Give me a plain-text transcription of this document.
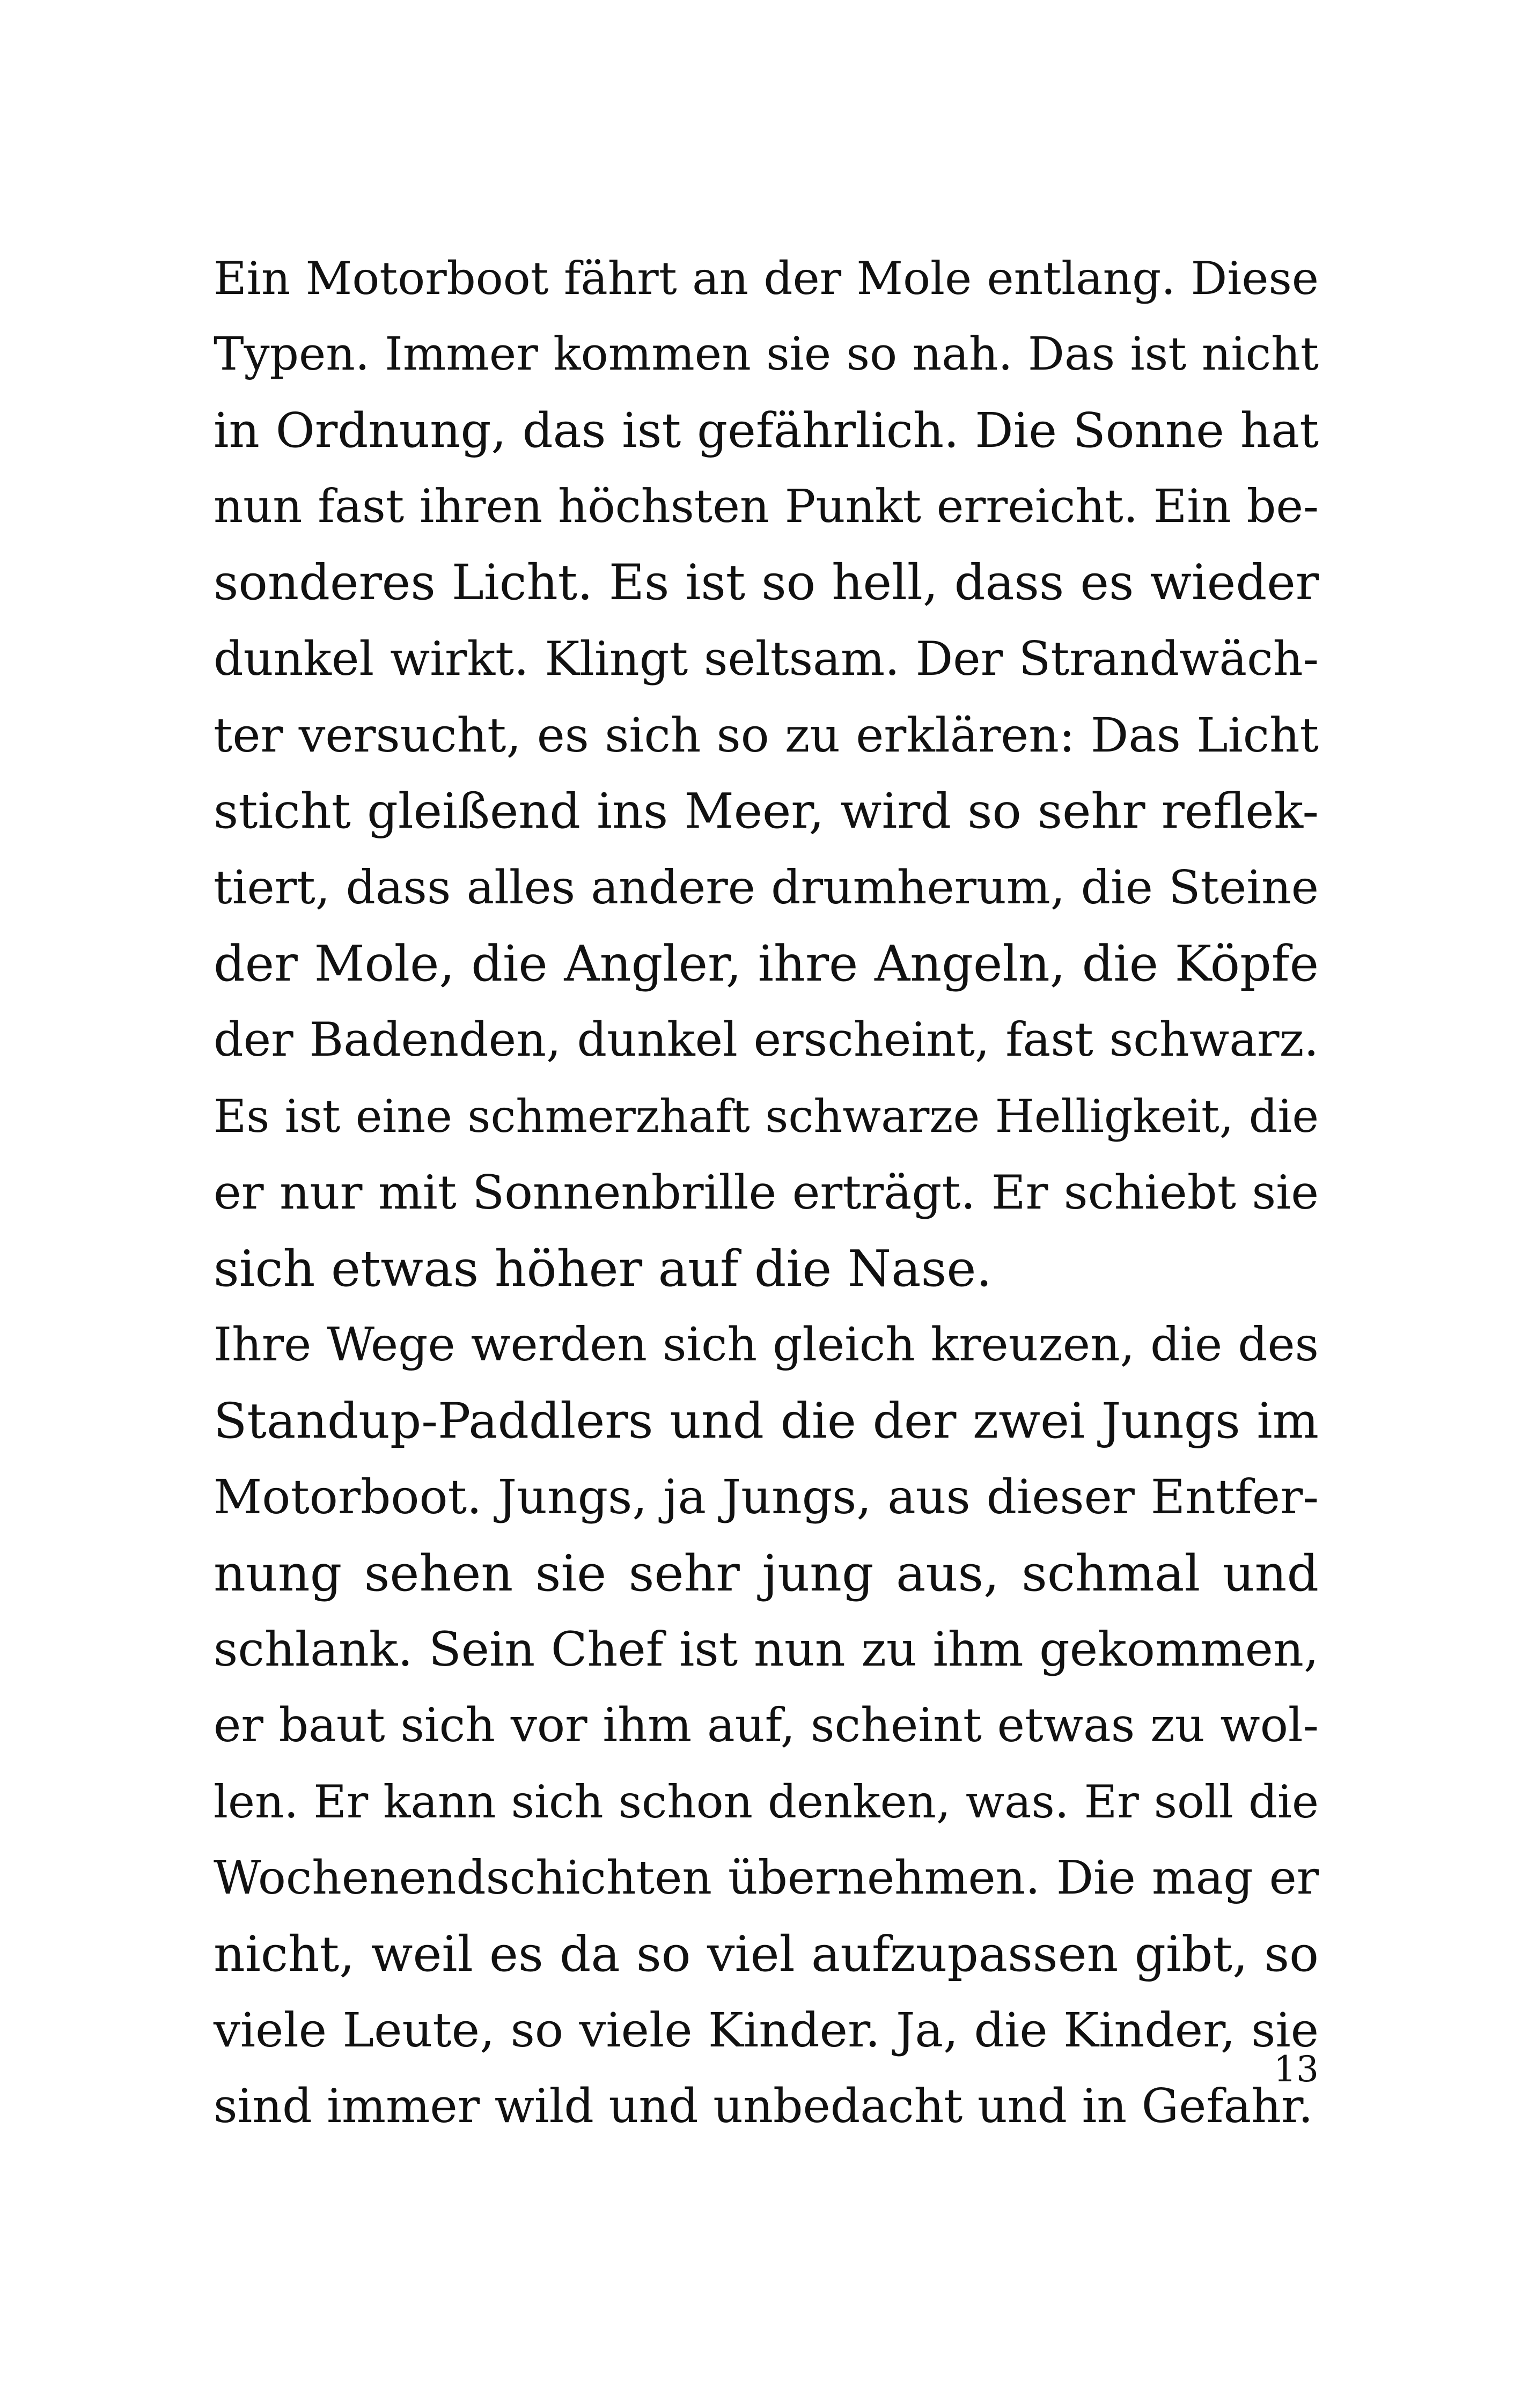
Ein Motorboot fährt an der Mole entlang. Diese
Typen. Immer kommen sie so nah. Das ist nicht
in Ordnung, das ist gefährlich. Die Sonne hat
nun fast ihren höchsten Punkt erreicht. Ein be-
sonderes Licht. Es ist so hell, dass es wieder
dunkel wirkt. Klingt seltsam. Der Strandwäch-
ter versucht, es sich so zu erklären: Das Licht
sticht gleißend ins Meer, wird so sehr reflek-
tiert, dass alles andere drumherum, die Steine
der Mole, die Angler, ihre Angeln, die Köpfe
der Badenden, dunkel erscheint, fast schwarz.
Es ist eine schmerzhaft schwarze Helligkeit, die
er nur mit Sonnenbrille erträgt. Er schiebt sie
sich etwas höher auf die Nase.
Ihre Wege werden sich gleich kreuzen, die des
Standup-Paddlers und die der zwei Jungs im
Motorboot. Jungs, ja Jungs, aus dieser Entfer-
nung sehen sie sehr jung aus, schmal und
schlank. Sein Chef ist nun zu ihm gekommen,
er baut sich vor ihm auf, scheint etwas zu wol-
len. Er kann sich schon denken, was. Er soll die
Wochenendschichten übernehmen. Die mag er
nicht, weil es da so viel aufzupassen gibt, so
viele Leute, so viele Kinder. Ja, die Kinder, sie
sind immer wild und unbedacht und in Gefahr.
13
